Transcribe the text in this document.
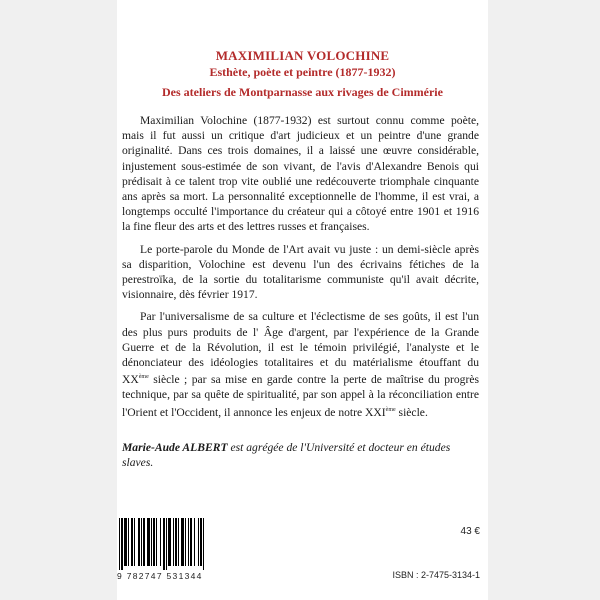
MAXIMILIAN VOLOCHINE
Esthète, poète et peintre (1877-1932)
Des ateliers de Montparnasse aux rivages de Cimmérie

Maximilian Volochine (1877-1932) est surtout connu comme poète, mais il fut aussi un critique d'art judicieux et un peintre d'une grande originalité. Dans ces trois domaines, il a laissé une œuvre considérable, injustement sous-estimée de son vivant, de l'avis d'Alexandre Benois qui prédisait à ce talent trop vite oublié une redécouverte triomphale cinquante ans après sa mort. La personnalité exceptionnelle de l'homme, il est vrai, a longtemps occulté l'importance du créateur qui a côtoyé entre 1901 et 1916 la fine fleur des arts et des lettres russes et françaises.

Le porte-parole du Monde de l'Art avait vu juste : un demi-siècle après sa disparition, Volochine est devenu l'un des écrivains fétiches de la perestroïka, de la sortie du totalitarisme communiste qu'il avait décrite, visionnaire, dès février 1917.

Par l'universalisme de sa culture et l'éclectisme de ses goûts, il est l'un des plus purs produits de l' Âge d'argent, par l'expérience de la Grande Guerre et de la Révolution, il est le témoin privilégié, l'analyste et le dénonciateur des idéologies totalitaires et du matérialisme étouffant du XXème siècle ; par sa mise en garde contre la perte de maîtrise du progrès technique, par sa quête de spiritualité, par son appel à la réconciliation entre l'Orient et l'Occident, il annonce les enjeux de notre XXIème siècle.

Marie-Aude ALBERT est agrégée de l'Université et docteur en études slaves.
9 782747 531344
43 €
ISBN : 2-7475-3134-1
